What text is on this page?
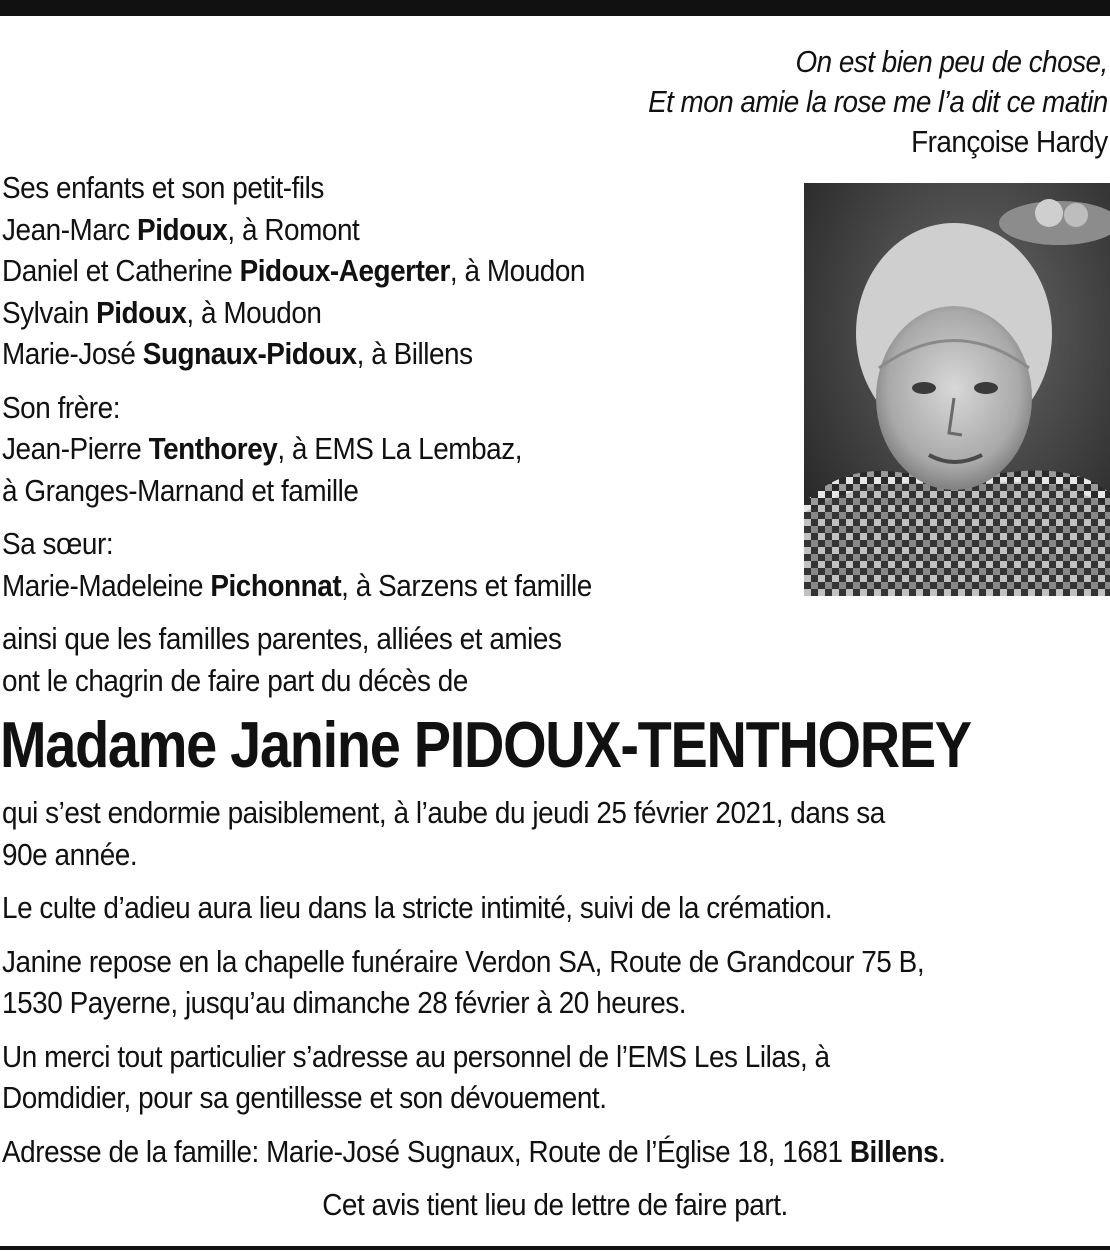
On est bien peu de chose,
Et mon amie la rose me l’a dit ce matin
Françoise Hardy
Ses enfants et son petit-fils
Jean-Marc Pidoux, à Romont
Daniel et Catherine Pidoux-Aegerter, à Moudon
Sylvain Pidoux, à Moudon
Marie-José Sugnaux-Pidoux, à Billens
Son frère:
Jean-Pierre Tenthorey, à EMS La Lembaz,
à Granges-Marnand et famille
Sa sœur:
Marie-Madeleine Pichonnat, à Sarzens et famille
ainsi que les familles parentes, alliées et amies
ont le chagrin de faire part du décès de
Madame Janine PIDOUX-TENTHOREY
qui s’est endormie paisiblement, à l’aube du jeudi 25 février 2021, dans sa
90e année.
Le culte d’adieu aura lieu dans la stricte intimité, suivi de la crémation.
Janine repose en la chapelle funéraire Verdon SA, Route de Grandcour 75 B,
1530 Payerne, jusqu’au dimanche 28 février à 20 heures.
Un merci tout particulier s’adresse au personnel de l’EMS Les Lilas, à
Domdidier, pour sa gentillesse et son dévouement.
Adresse de la famille: Marie-José Sugnaux, Route de l’Église 18, 1681 Billens.
Cet avis tient lieu de lettre de faire part.
